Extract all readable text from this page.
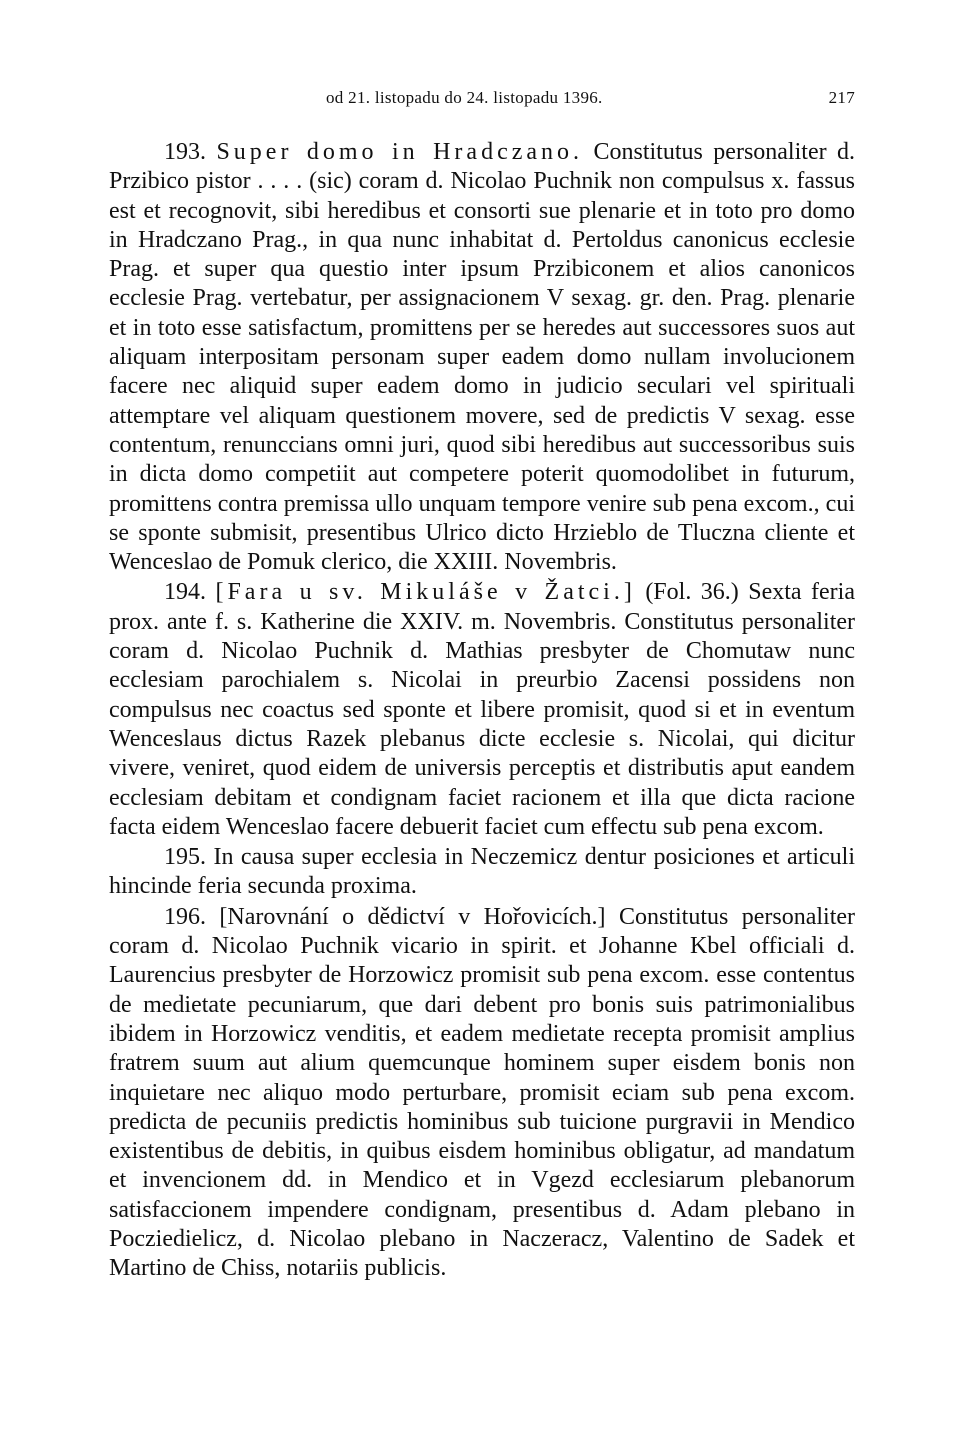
od 21. listopadu do 24. listopadu 1396.	217

193. Super domo in Hradczano. Constitutus personaliter d. Przibico pistor . . . . (sic) coram d. Nicolao Puchnik non compulsus x. fassus est et recognovit, sibi heredibus et consorti sue plenarie et in toto pro domo in Hradczano Prag., in qua nunc inhabitat d. Pertoldus canonicus ecclesie Prag. et super qua questio inter ipsum Przibiconem et alios canonicos ecclesie Prag. vertebatur, per assignacionem V sexag. gr. den. Prag. plenarie et in toto esse satisfactum, promittens per se heredes aut successores suos aut aliquam interpositam personam super eadem domo nullam involucionem facere nec aliquid super eadem domo in judicio seculari vel spirituali attemptare vel aliquam questionem movere, sed de predictis V sexag. esse contentum, renunccians omni juri, quod sibi heredibus aut successoribus suis in dicta domo competiit aut competere poterit quomodolibet in futurum, promittens contra premissa ullo unquam tempore venire sub pena excom., cui se sponte submisit, presentibus Ulrico dicto Hrzieblo de Tluczna cliente et Wenceslao de Pomuk clerico, die XXIII. Novembris.

194. [Fara u sv. Mikuláše v Žatci.] (Fol. 36.) Sexta feria prox. ante f. s. Katherine die XXIV. m. Novembris. Constitutus personaliter coram d. Nicolao Puchnik d. Mathias presbyter de Chomutaw nunc ecclesiam parochialem s. Nicolai in preurbio Zacensi possidens non compulsus nec coactus sed sponte et libere promisit, quod si et in eventum Wenceslaus dictus Razek plebanus dicte ecclesie s. Nicolai, qui dicitur vivere, veniret, quod eidem de universis perceptis et distributis aput eandem ecclesiam debitam et condignam faciet racionem et illa que dicta racione facta eidem Wenceslao facere debuerit faciet cum effectu sub pena excom.

195. In causa super ecclesia in Neczemicz dentur posiciones et articuli hincinde feria secunda proxima.

196. [Narovnání o dědictví v Hořovicích.] Constitutus personaliter coram d. Nicolao Puchnik vicario in spirit. et Johanne Kbel officiali d. Laurencius presbyter de Horzowicz promisit sub pena excom. esse contentus de medietate pecuniarum, que dari debent pro bonis suis patrimonialibus ibidem in Horzowicz venditis, et eadem medietate recepta promisit amplius fratrem suum aut alium quemcunque hominem super eisdem bonis non inquietare nec aliquo modo perturbare, promisit eciam sub pena excom. predicta de pecuniis predictis hominibus sub tuicione purgravii in Mendico existentibus de debitis, in quibus eisdem hominibus obligatur, ad mandatum et invencionem dd. in Mendico et in Vgezd ecclesiarum plebanorum satisfaccionem impendere condignam, presentibus d. Adam plebano in Pocziedielicz, d. Nicolao plebano in Naczeracz, Valentino de Sadek et Martino de Chiss, notariis publicis.
